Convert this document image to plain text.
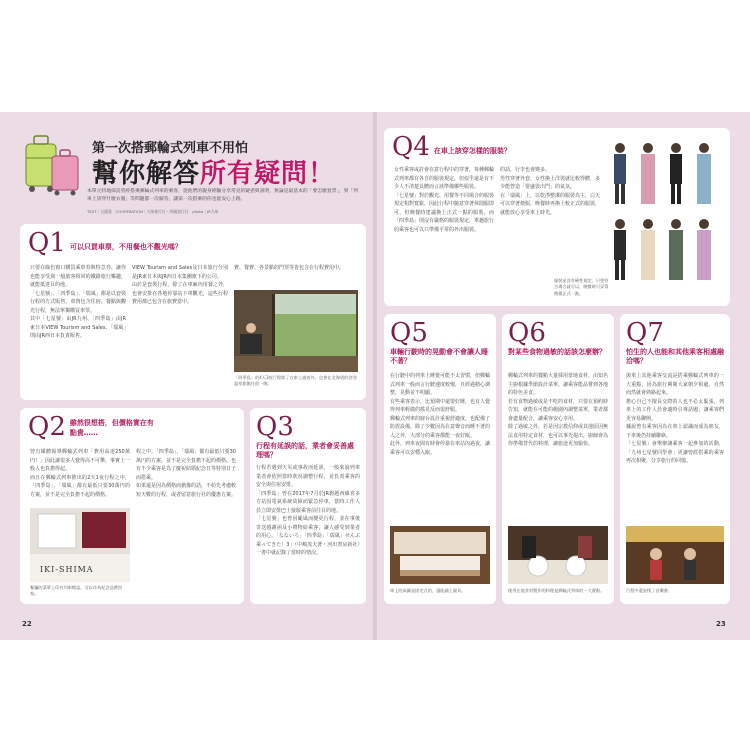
第一次搭郵輪式列車不用怕
幫你解答所有疑問！
本單元特地採訪曾經搭乘郵輪式列車的乘客，從他們的親身經驗分享常見的疑惑與說明，無論是最基本的「要怎麼買票」，到「列車上該穿什麼衣服」等問題都一次解答，讓第一次搭乘的你也能安心上路。
TEXT｜古韻嘉　COOPERATION｜九州旅行社・四國旅行社　photo｜JR九州
Q1 可以只買車票，不用餐也不觀光嗎？
只要在綠色窗口購買乘車券與特急券、讓你也能享受與一般旅客相同的鐵路旅行樂趣，就能抵達目的地。
「七星號」、「四季島」、「瑞風」都是以套裝行程的方式販售，車資包含住宿、餐點與觀光行程，無法單獨購買車票。
其中「七星號」由JR九州、「四季島」由JR東日本VIEW Tourism and Sales、「瑞風」則由JR西日本負責販售。
VIEW Tourism and Sales及日本旅行分別是JR東日本與JR西日本集團旗下的公司。
由於是套裝行程，除了在車廂內用餐之外，也會安排在各地停靠站下車觀光，這些行程費用都已包含在旅費當中。
費、餐費、各景點的門票等皆包含在行程費用中。
「四季島」的4天3夜行程除了在車上過夜外，也會在北海道的登別溫泉旅館住宿一晚。
Q2 雖然很想搭，但價格實在有點貴……
曾有媒體報導郵輪式列車「費用高達250萬円！」因此讓很多人覺得高不可攀，事實上一般人也負擔得起。
而且在郵輪式列車推出的2天1夜行程之中，「四季島」、「瑞風」都有最低只要30萬円的方案，並不是完全負擔不起的價格。
程之中，「四季島」、「瑞風」都有最低只要30萬円的方案，並不是完全負擔不起的價格。也有不少乘客是為了慶祝結婚紀念日等特別日子而搭乘。
如果還是因為價格而猶豫的話，不妨先考慮較短天數的行程，或者留意旅行社的優惠方案。
IKI-SHIMA
餐廳的菜單上印有列車標誌，可以作為紀念品帶回家。
Q3
行程有延誤的話，業者會妥善處理嗎？
行程若遇到天災或事故而延誤，一般來說列車業者會依照當時狀況調整行程，並負責乘客的安全與住宿安排。
「四季島」曾在2017年7月於JR磐越西線喜多方站因電氣系統故障而緊急停車，當時工作人員立即安排巴士接駁乘客前往目的地。
「七星號」也曾因颱風而變更行程，並在事後寄送感謝函及小禮物給乘客，讓人感受到業者的用心。「なないろ」「四季島」「瑞風」せんぶ乘ってきた！3」（中嶋茂夫著・河出書房新社）一書中就記錄了當時的情況。
Q4 在車上該穿怎樣的服裝？
女性乘客或許會在意行程中的穿著，每種郵輪式列車都有各自的服裝規定，但似乎還是有不少人不清楚具體而言該準備哪些服裝。
「七星號」對於觀光、用餐等不同場合的服裝規定相對寬鬆，因此行程中隨意穿著休閒服即可，但晚餐時建議換上正式一點的服裝。而「四季島」則沒有嚴格的服裝規定，單趟旅行的乘客也可以只準備平常的外出服裝。
的話，行李也會變多。
男性穿著外套、女性換上洋裝就比較得體，多少能營造「要盛裝出門」的氣氛。
在「瑞風」上，以乾淨整潔的服裝為主，白天可以穿著便服，晚餐時再換上較正式的服裝，就能放心享受車上時光。
服裝並沒有硬性規定，只要符合場合就可以，晚餐時可穿得稍微正式一點。
Q5
車輛行駛時的晃動會不會讓人睡不著？
在行駛中的列車上睡覺可能不太習慣，但郵輪式列車一般而言行駛速度較慢，且經過精心調整，晃動並不明顯。
有些乘客表示，比預期中還要好睡，也有人覺得列車輕微的搖晃反而很舒服。
郵輪式列車的寢台設計重視舒適度，也配備了防震設備，除了少數因為在意聲音而睡不著的人之外，大部分的乘客都能一夜好眠。
此外，列車夜間有時會停靠在車站內過夜，讓乘客可以安穩入眠。
車上的床鋪是固定式的，還能鋪上寢具。
Q6
對某些食物過敏的話該怎麼辦？
郵輪式列車的餐點大量採用當地食材，由知名主廚根據季節設計菜單，讓乘客能品嘗到各地的特色美食。
若有食物過敏或是不吃的食材，只要在預約時告知，就能在可能的範圍內調整菜單，業者都會盡量配合，讓乘客安心享用。
除了過敏之外，若是因宗教信仰或其他原因無法食用特定食材，也可以事先提出，廚師會為你準備替代的料理，讓旅途更加愉快。
使用在地食材製作的料理是郵輪式列車的一大賣點。
Q7
怕生的人也能和其他乘客相處融洽嗎？
與車上其他乘客交流是搭乘郵輪式列車的一大重點，因為旅行期間大家朝夕相處，自然而然就會熟絡起來。
擔心自己不擅長交際的人也不必太緊張，列車上的工作人員會適時引導話題，讓乘客們更容易聊開。
據說曾有乘客因為在車上認識而成為朋友，下車後仍持續聯絡。
「七星號」會舉辦讓乘客一起參加的活動，「九州七星號同學會」更讓曾經搭乘的乘客再次相聚，分享旅行的回憶。
行程中還安排了音樂會。
22	23
